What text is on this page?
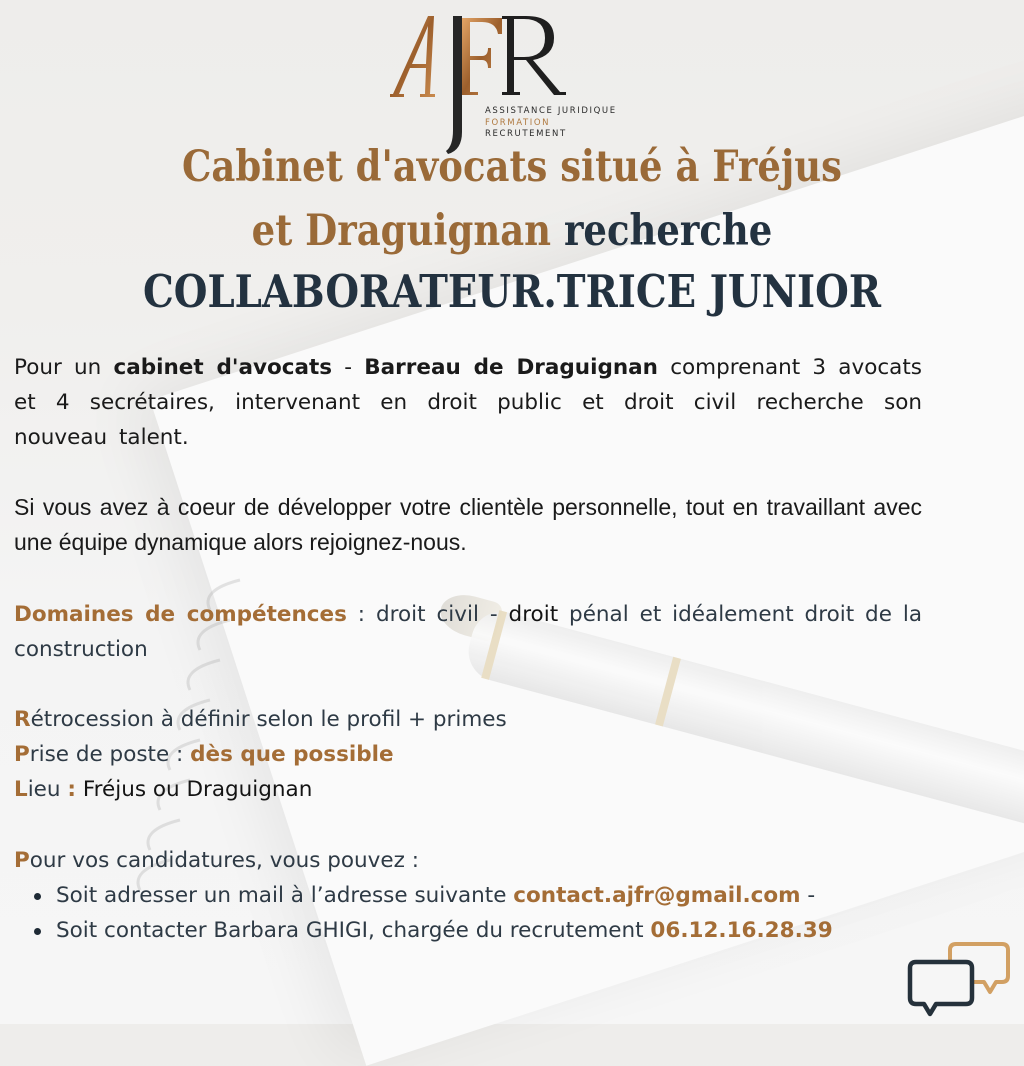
ASSISTANCE JURIDIQUE
FORMATION
RECRUTEMENT
Cabinet d'avocats situé à Fréjus
et Draguignan recherche
COLLABORATEUR.TRICE JUNIOR
Pour un cabinet d'avocats - Barreau de Draguignan comprenant 3 avocats et 4 secrétaires, intervenant en droit public et droit civil recherche son nouveau talent.
Si vous avez à coeur de développer votre clientèle personnelle, tout en travaillant avec une équipe dynamique alors rejoignez-nous.
Domaines de compétences : droit civil - droit pénal et idéalement droit de la construction
Rétrocession à définir selon le profil + primes
Prise de poste : dès que possible
Lieu : Fréjus ou Draguignan
Pour vos candidatures, vous pouvez :
Soit adresser un mail à l’adresse suivante contact.ajfr@gmail.com -
Soit contacter Barbara GHIGI, chargée du recrutement 06.12.16.28.39
